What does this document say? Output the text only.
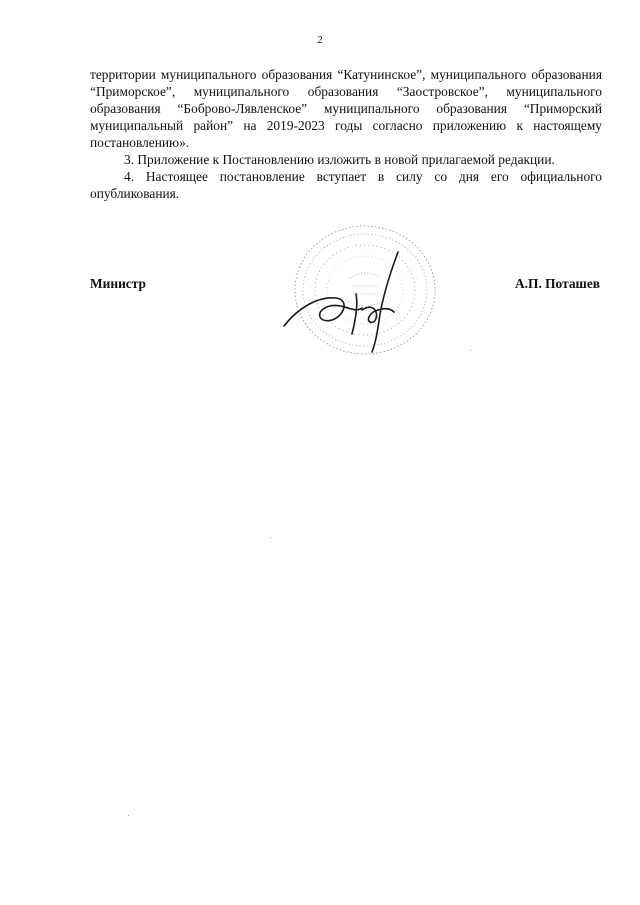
2

территории муниципального образования “Катунинское”, муниципального образования “Приморское”, муниципального образования “Заостровское”, муниципального образования “Боброво-Лявленское” муниципального образования “Приморский муниципальный район” на 2019-2023 годы согласно приложению к настоящему постановлению».

3. Приложение к Постановлению изложить в новой прилагаемой редакции.

4. Настоящее постановление вступает в силу со дня его официального опубликования.

Министр	А.П. Поташев
